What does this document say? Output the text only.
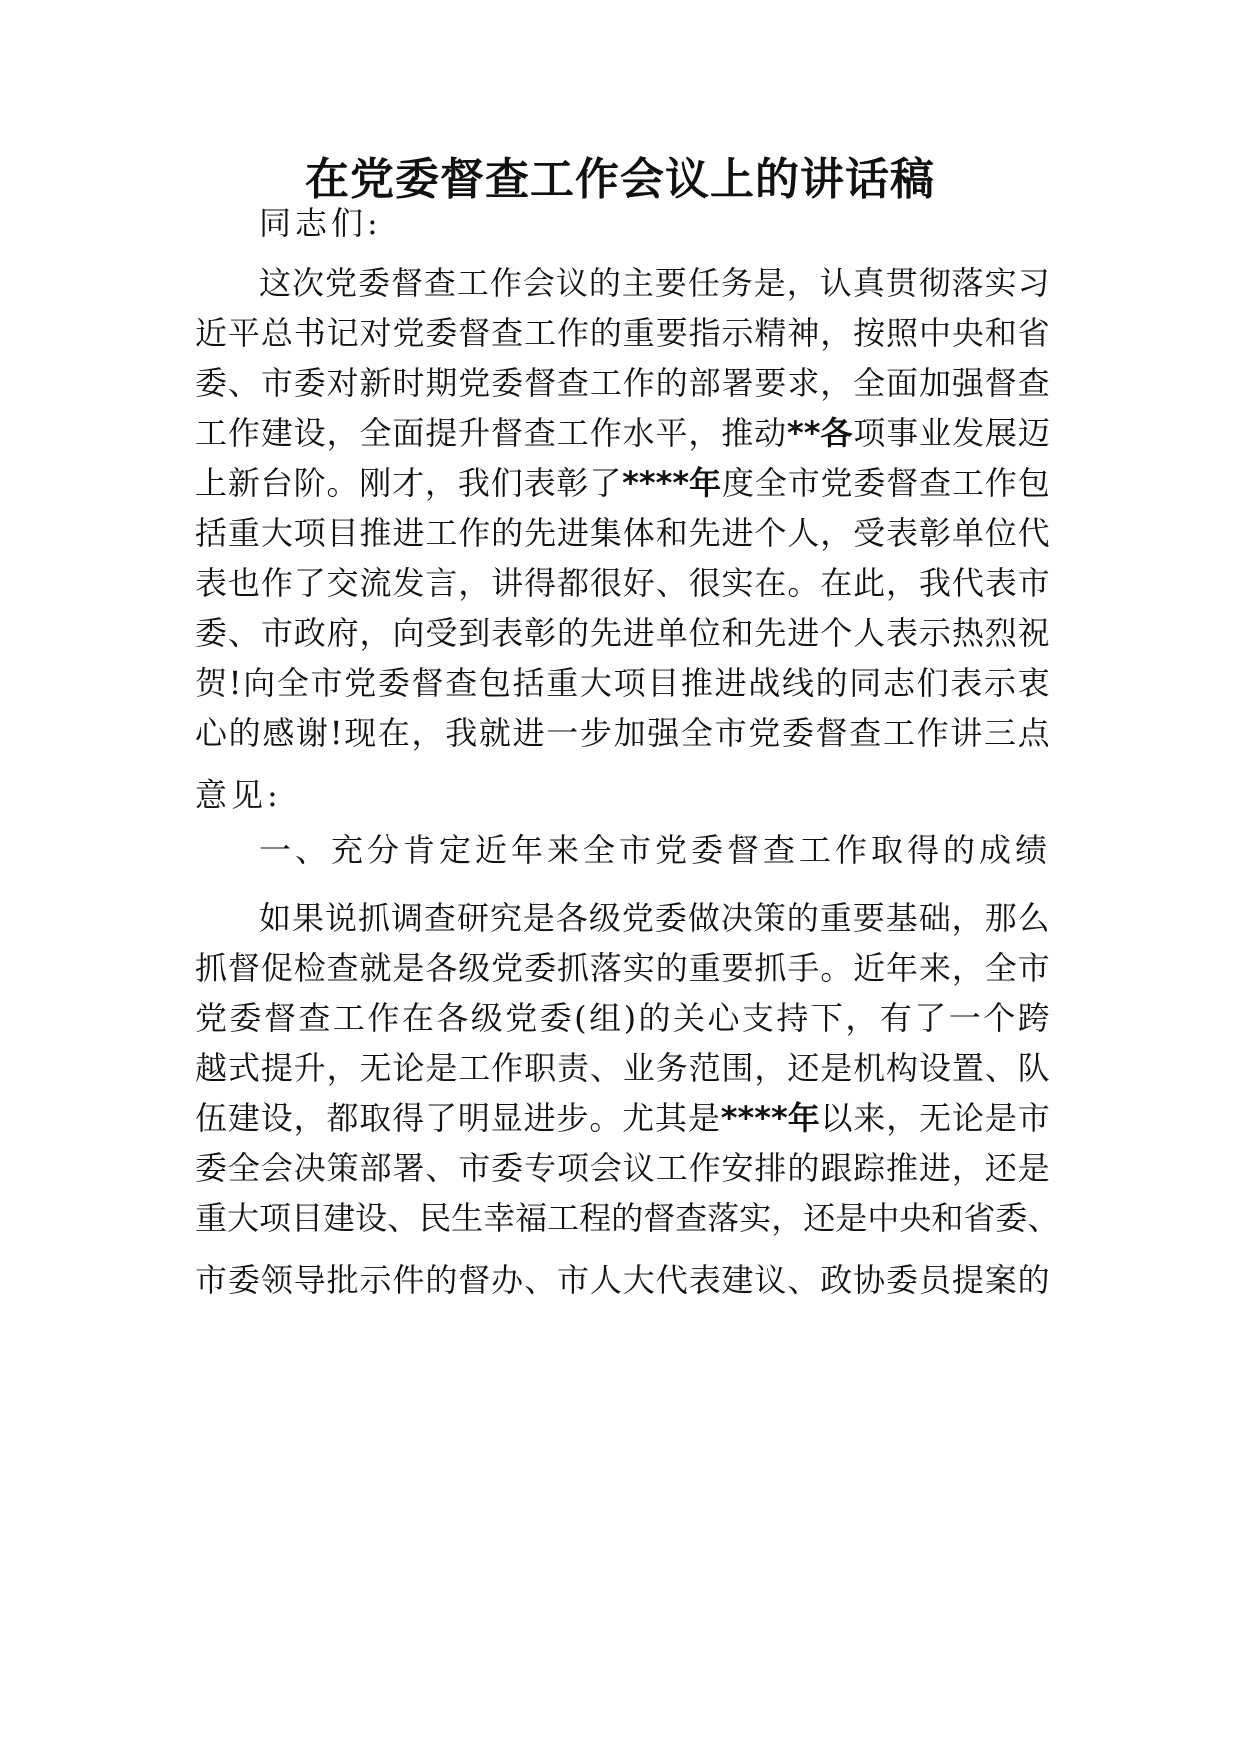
在党委督查工作会议上的讲话稿
同志们:
这 次 党 委 督 查 工 作 会 议 的 主 要 任 务 是 ， 认 真 贯 彻 落 实 习
近 平 总 书 记 对 党 委 督 查 工 作 的 重 要 指 示 精 神 ， 按 照 中 央 和 省
委 、 市 委 对 新 时 期 党 委 督 查 工 作 的 部 署 要 求 ， 全 面 加 强 督 查
工 作 建 设 ， 全 面 提 升 督 查 工 作 水 平 ， 推 动 **各 项 事 业 发 展 迈
上 新 台 阶 。 刚 才 ， 我 们 表 彰 了 ****年 度 全 市 党 委 督 查 工 作 包
括 重 大 项 目 推 进 工 作 的 先 进 集 体 和 先 进 个 人 ， 受 表 彰 单 位 代
表 也 作 了 交 流 发 言 ， 讲 得 都 很 好 、 很 实 在 。 在 此 ， 我 代 表 市
委 、 市 政 府 ， 向 受 到 表 彰 的 先 进 单 位 和 先 进 个 人 表 示 热 烈 祝
贺 ! 向 全 市 党 委 督 查 包 括 重 大 项 目 推 进 战 线 的 同 志 们 表 示 衷
心 的 感 谢 ! 现 在 ， 我 就 进 一 步 加 强 全 市 党 委 督 查 工 作 讲 三 点
意见:
一、充分肯定近年来全市党委督查工作取得的成绩
如 果 说 抓 调 查 研 究 是 各 级 党 委 做 决 策 的 重 要 基 础 ， 那 么
抓 督 促 检 查 就 是 各 级 党 委 抓 落 实 的 重 要 抓 手 。 近 年 来 ， 全 市
党 委 督 查 工 作 在 各 级 党 委 ( 组 ) 的 关 心 支 持 下 ， 有 了 一 个 跨
越 式 提 升 ， 无 论 是 工 作 职 责 、 业 务 范 围 ， 还 是 机 构 设 置 、 队
伍 建 设 ， 都 取 得 了 明 显 进 步 。 尤 其 是 ****年 以 来 ， 无 论 是 市
委 全 会 决 策 部 署 、 市 委 专 项 会 议 工 作 安 排 的 跟 踪 推 进 ， 还 是
重 大 项 目 建 设 、 民 生 幸 福 工 程 的 督 查 落 实 ， 还 是 中 央 和 省 委 、
市 委 领 导 批 示 件 的 督 办 、 市 人 大 代 表 建 议 、 政 协 委 员 提 案 的
